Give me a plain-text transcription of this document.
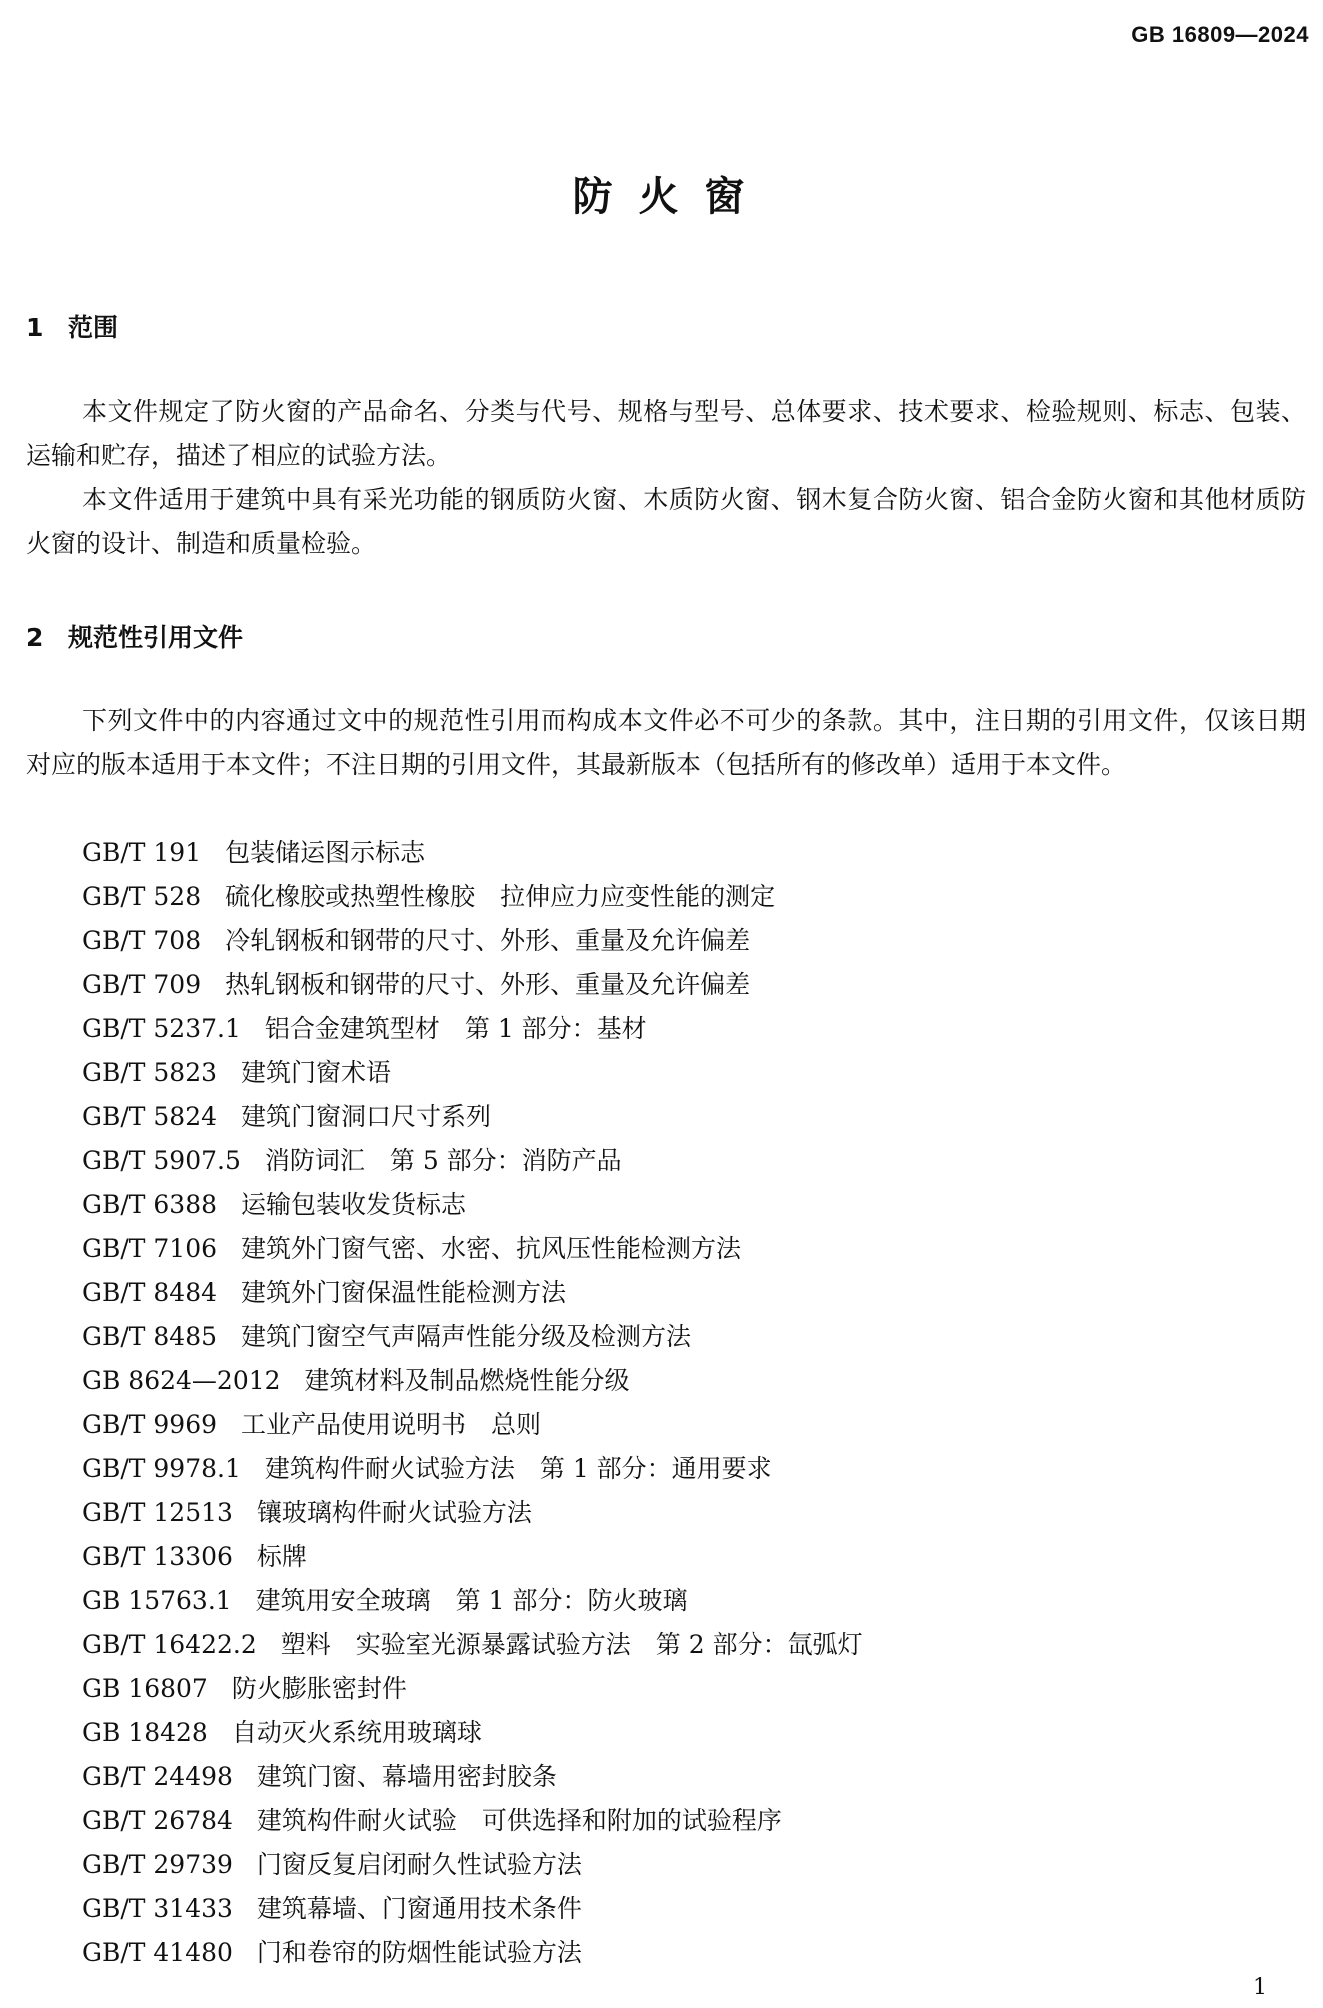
GB 16809—2024
防 火 窗
1 范围

本文件规定了防火窗的产品命名、分类与代号、规格与型号、总体要求、技术要求、检验规则、标志、包装、运输和贮存，描述了相应的试验方法。

本文件适用于建筑中具有采光功能的钢质防火窗、木质防火窗、钢木复合防火窗、铝合金防火窗和其他材质防火窗的设计、制造和质量检验。

2 规范性引用文件

下列文件中的内容通过文中的规范性引用而构成本文件必不可少的条款。其中，注日期的引用文件，仅该日期对应的版本适用于本文件；不注日期的引用文件，其最新版本（包括所有的修改单）适用于本文件。

GB/T 191 包装储运图示标志
GB/T 528 硫化橡胶或热塑性橡胶　拉伸应力应变性能的测定
GB/T 708 冷轧钢板和钢带的尺寸、外形、重量及允许偏差
GB/T 709 热轧钢板和钢带的尺寸、外形、重量及允许偏差
GB/T 5237.1 铝合金建筑型材　第 1 部分：基材
GB/T 5823 建筑门窗术语
GB/T 5824 建筑门窗洞口尺寸系列
GB/T 5907.5 消防词汇　第 5 部分：消防产品
GB/T 6388 运输包装收发货标志
GB/T 7106 建筑外门窗气密、水密、抗风压性能检测方法
GB/T 8484 建筑外门窗保温性能检测方法
GB/T 8485 建筑门窗空气声隔声性能分级及检测方法
GB 8624—2012 建筑材料及制品燃烧性能分级
GB/T 9969 工业产品使用说明书　总则
GB/T 9978.1 建筑构件耐火试验方法　第 1 部分：通用要求
GB/T 12513 镶玻璃构件耐火试验方法
GB/T 13306 标牌
GB 15763.1 建筑用安全玻璃　第 1 部分：防火玻璃
GB/T 16422.2 塑料　实验室光源暴露试验方法　第 2 部分：氙弧灯
GB 16807 防火膨胀密封件
GB 18428 自动灭火系统用玻璃球
GB/T 24498 建筑门窗、幕墙用密封胶条
GB/T 26784 建筑构件耐火试验　可供选择和附加的试验程序
GB/T 29739 门窗反复启闭耐久性试验方法
GB/T 31433 建筑幕墙、门窗通用技术条件
GB/T 41480 门和卷帘的防烟性能试验方法
1
